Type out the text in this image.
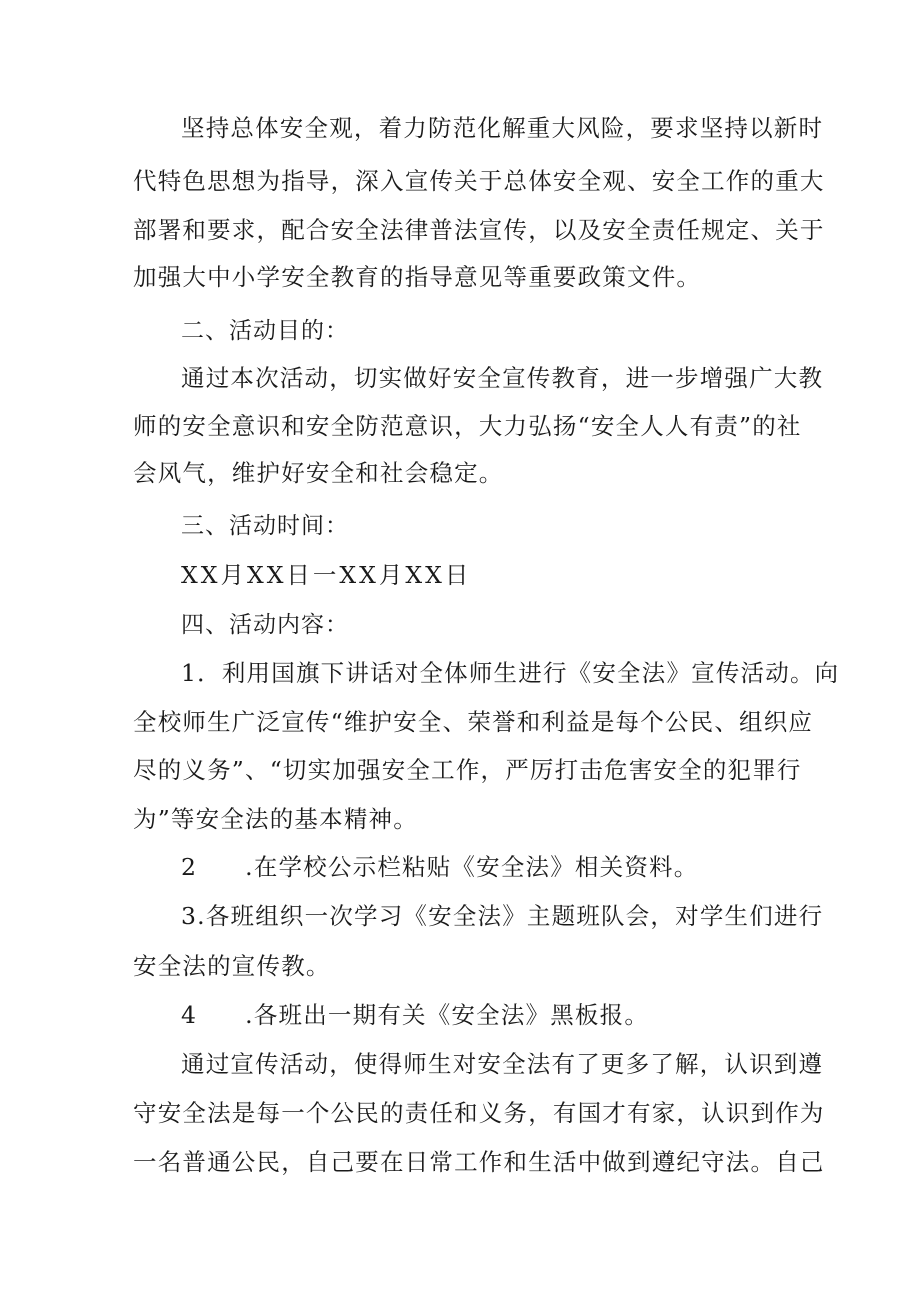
坚持总体安全观，着力防范化解重大风险，要求坚持以新时
代特色思想为指导，深入宣传关于总体安全观、安全工作的重大
部署和要求，配合安全法律普法宣传，以及安全责任规定、关于
加强大中小学安全教育的指导意见等重要政策文件。
二、活动目的：
通过本次活动，切实做好安全宣传教育，进一步增强广大教
师的安全意识和安全防范意识，大力弘扬“安全人人有责”的社
会风气，维护好安全和社会稳定。
三、活动时间：
XX月XX日一XX月XX日
四、活动内容：
1．利用国旗下讲话对全体师生进行《安全法》宣传活动。向
全校师生广泛宣传“维护安全、荣誉和利益是每个公民、组织应
尽的义务”、“切实加强安全工作，严厉打击危害安全的犯罪行
为”等安全法的基本精神。
2 .在学校公示栏粘贴《安全法》相关资料。
3.各班组织一次学习《安全法》主题班队会，对学生们进行
安全法的宣传教。
4 .各班出一期有关《安全法》黑板报。
通过宣传活动，使得师生对安全法有了更多了解，认识到遵
守安全法是每一个公民的责任和义务，有国才有家，认识到作为
一名普通公民，自己要在日常工作和生活中做到遵纪守法。自己
